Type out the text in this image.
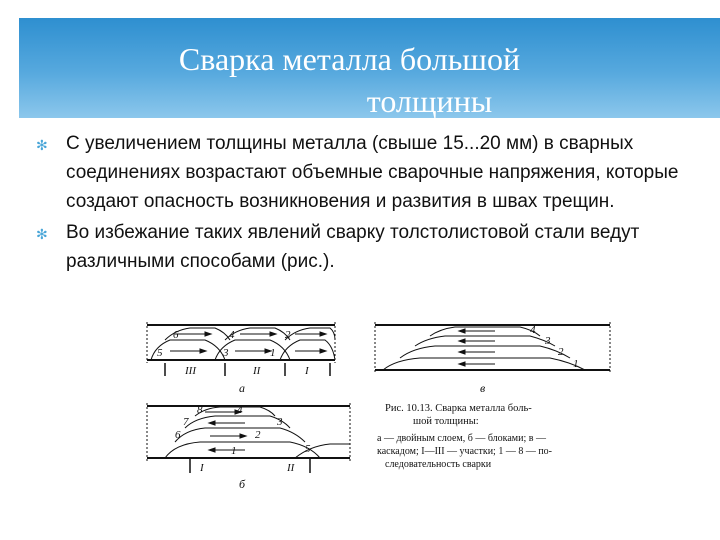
Сварка металла большой
толщины
✻ С увеличением толщины металла (свыше 15...20 мм) в сварных соединениях возрастают объемные сварочные напряжения, которые создают опасность возникновения и развития в швах трещин.
✻ Во избежание таких явлений сварку толстолистовой стали ведут различными способами (рис.).
6	4	2
5	3	1
III	II	I
а
8	4
7	3
6	2
5
1
I	II
б
4
3
2
1
в
Рис. 10.13. Сварка металла боль-
шой толщины:
а — двойным слоем, б — блоками; в —
каскадом; I—III — участки; 1 — 8 — по-
следовательность сварки
